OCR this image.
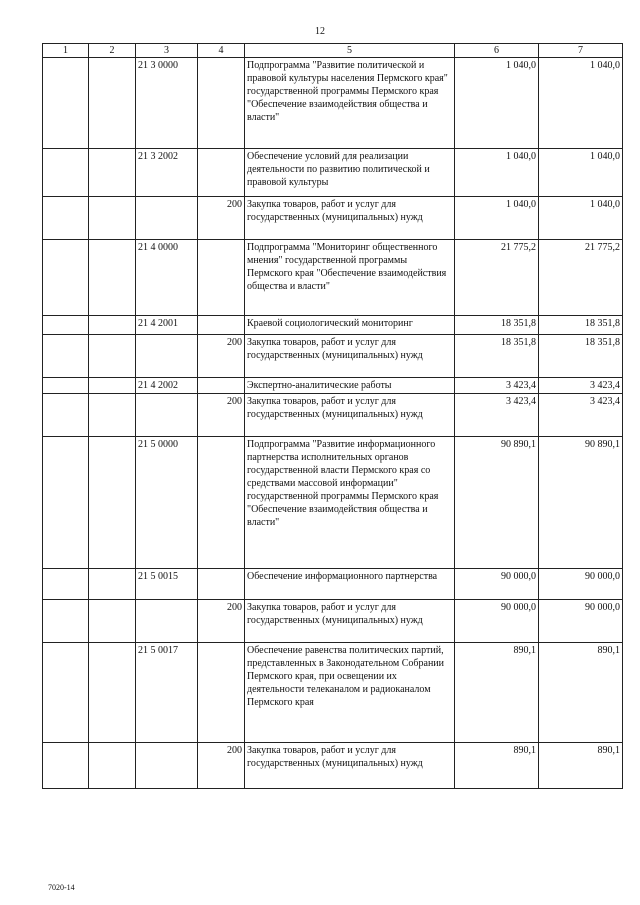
12
1	2	3	4	5	6	7
		21 3 0000		Подпрограмма "Развитие политической и правовой культуры населения Пермского края" государственной программы Пермского края "Обеспечение взаимодействия общества и власти"	1 040,0	1 040,0
		21 3 2002		Обеспечение условий для реализации деятельности по развитию политической и правовой культуры	1 040,0	1 040,0
			200	Закупка товаров, работ и услуг для государственных (муниципальных) нужд	1 040,0	1 040,0
		21 4 0000		Подпрограмма "Мониторинг общественного мнения" государственной программы Пермского края "Обеспечение взаимодействия общества и власти"	21 775,2	21 775,2
		21 4 2001		Краевой социологический мониторинг	18 351,8	18 351,8
			200	Закупка товаров, работ и услуг для государственных (муниципальных) нужд	18 351,8	18 351,8
		21 4 2002		Экспертно-аналитические работы	3 423,4	3 423,4
			200	Закупка товаров, работ и услуг для государственных (муниципальных) нужд	3 423,4	3 423,4
		21 5 0000		Подпрограмма "Развитие информационного партнерства исполнительных органов государственной власти Пермского края со средствами массовой информации" государственной программы Пермского края "Обеспечение взаимодействия общества и власти"	90 890,1	90 890,1
		21 5 0015		Обеспечение информационного партнерства	90 000,0	90 000,0
			200	Закупка товаров, работ и услуг для государственных (муниципальных) нужд	90 000,0	90 000,0
		21 5 0017		Обеспечение равенства политических партий, представленных в Законодательном Собрании Пермского края, при освещении их деятельности телеканалом и радиоканалом Пермского края	890,1	890,1
			200	Закупка товаров, работ и услуг для государственных (муниципальных) нужд	890,1	890,1
7020-14
